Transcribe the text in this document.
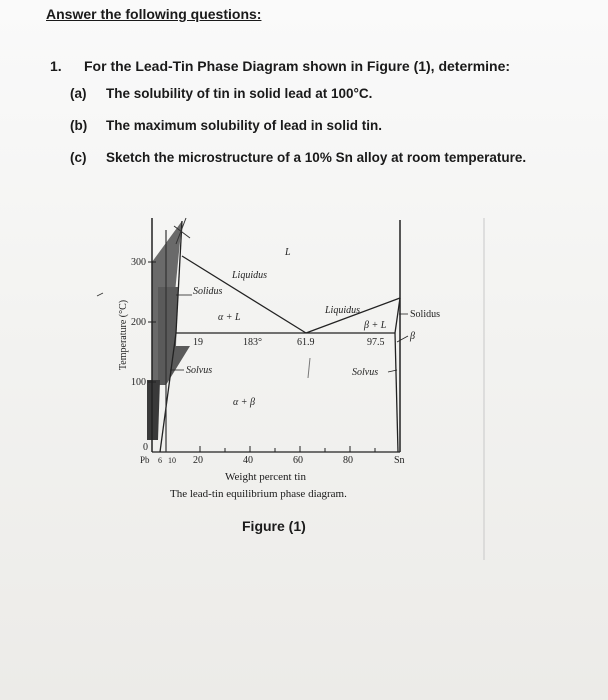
Answer the following questions:
1. For the Lead-Tin Phase Diagram shown in Figure (1), determine:
(a) The solubility of tin in solid lead at 100°C.
(b) The maximum solubility of lead in solid tin.
(c) Sketch the microstructure of a 10% Sn alloy at room temperature.
Temperature (°C)
300
200
100
0
Pb 6 10 20	40	60	80	Sn
L
Liquidus
Solidus
α + L
Liquidus
β + L
Solidus
β
Solvus	Solvus
α + β
19	183°	61.9	97.5
Weight percent tin
The lead-tin equilibrium phase diagram.
Figure (1)
